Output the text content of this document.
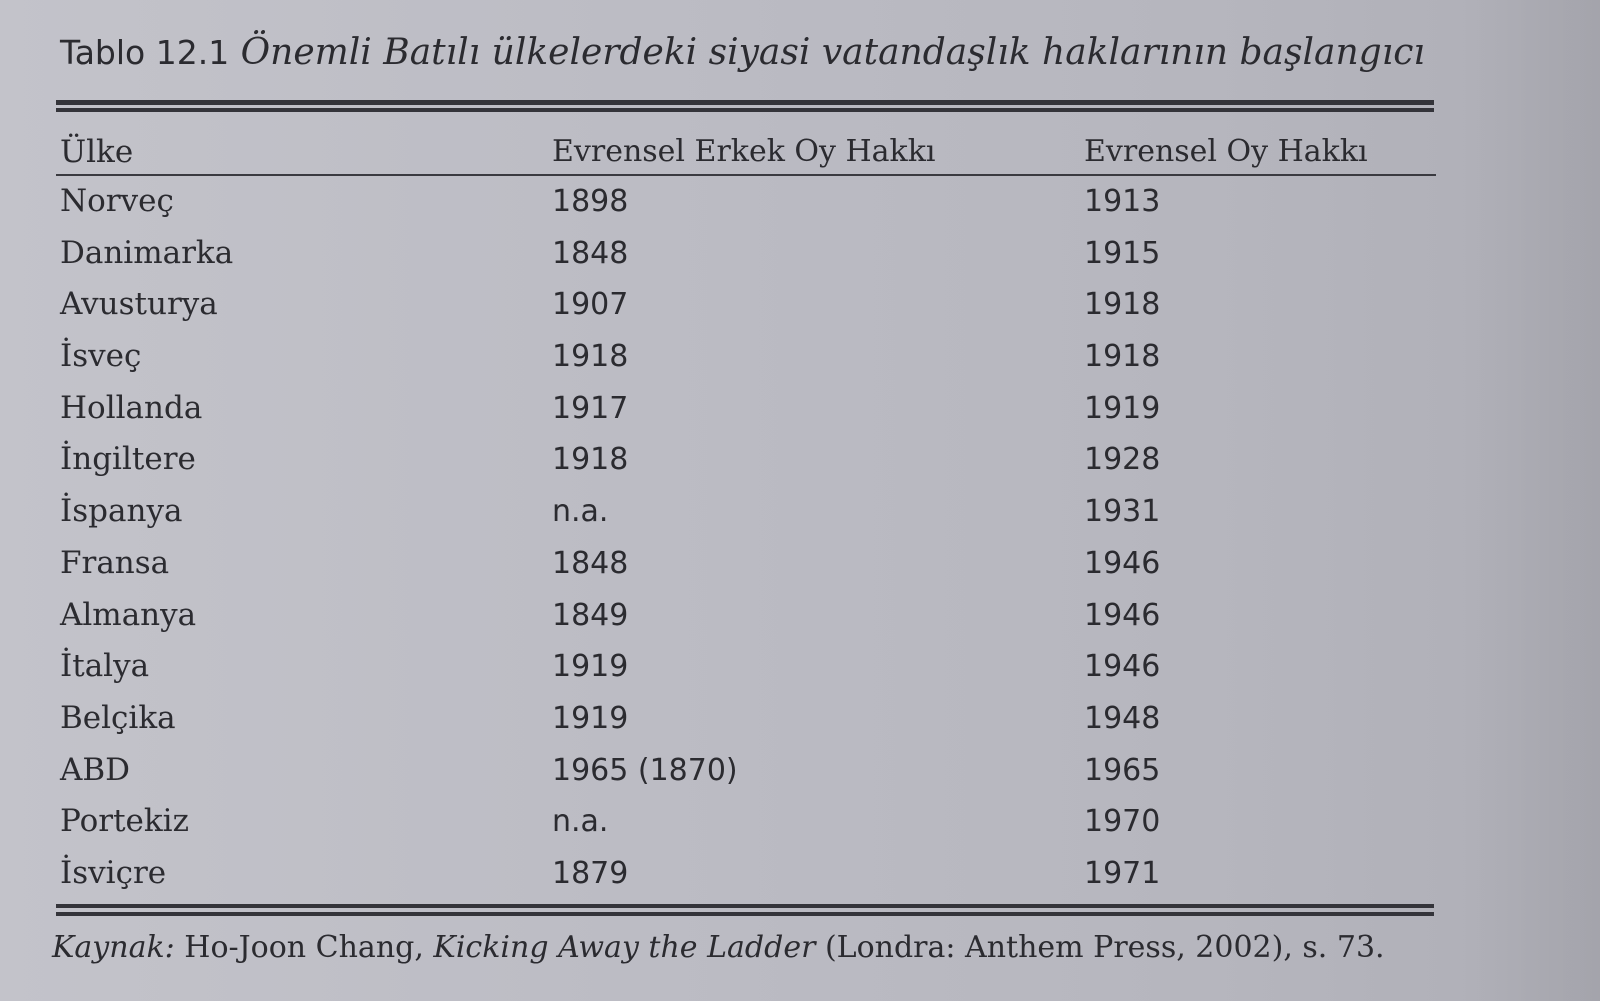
Tablo 12.1 Önemli Batılı ülkelerdeki siyasi vatandaşlık haklarının başlangıcı
Ülke	Evrensel Erkek Oy Hakkı	Evrensel Oy Hakkı
Norveç	1898	1913
Danimarka	1848	1915
Avusturya	1907	1918
İsveç	1918	1918
Hollanda	1917	1919
İngiltere	1918	1928
İspanya	n.a.	1931
Fransa	1848	1946
Almanya	1849	1946
İtalya	1919	1946
Belçika	1919	1948
ABD	1965 (1870)	1965
Portekiz	n.a.	1970
İsviçre	1879	1971
Kaynak: Ho-Joon Chang, Kicking Away the Ladder (Londra: Anthem Press, 2002), s. 73.
